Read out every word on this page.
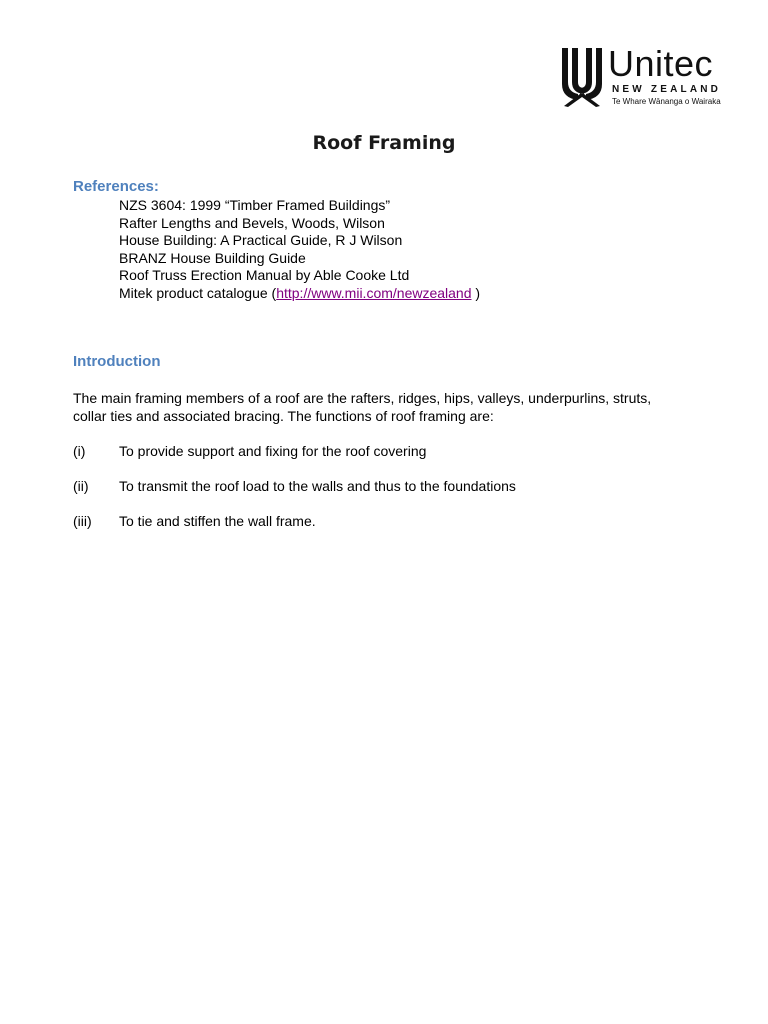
Unitec
NEW ZEALAND
Te Whare Wānanga o Wairaka
Roof Framing
References:
NZS 3604: 1999 “Timber Framed Buildings”
Rafter Lengths and Bevels, Woods, Wilson
House Building: A Practical Guide, R J Wilson
BRANZ House Building Guide
Roof Truss Erection Manual by Able Cooke Ltd
Mitek product catalogue (http://www.mii.com/newzealand )
Introduction

The main framing members of a roof are the rafters, ridges, hips, valleys, underpurlins, struts, collar ties and associated bracing. The functions of roof framing are:

(i) To provide support and fixing for the roof covering
(ii) To transmit the roof load to the walls and thus to the foundations
(iii) To tie and stiffen the wall frame.
